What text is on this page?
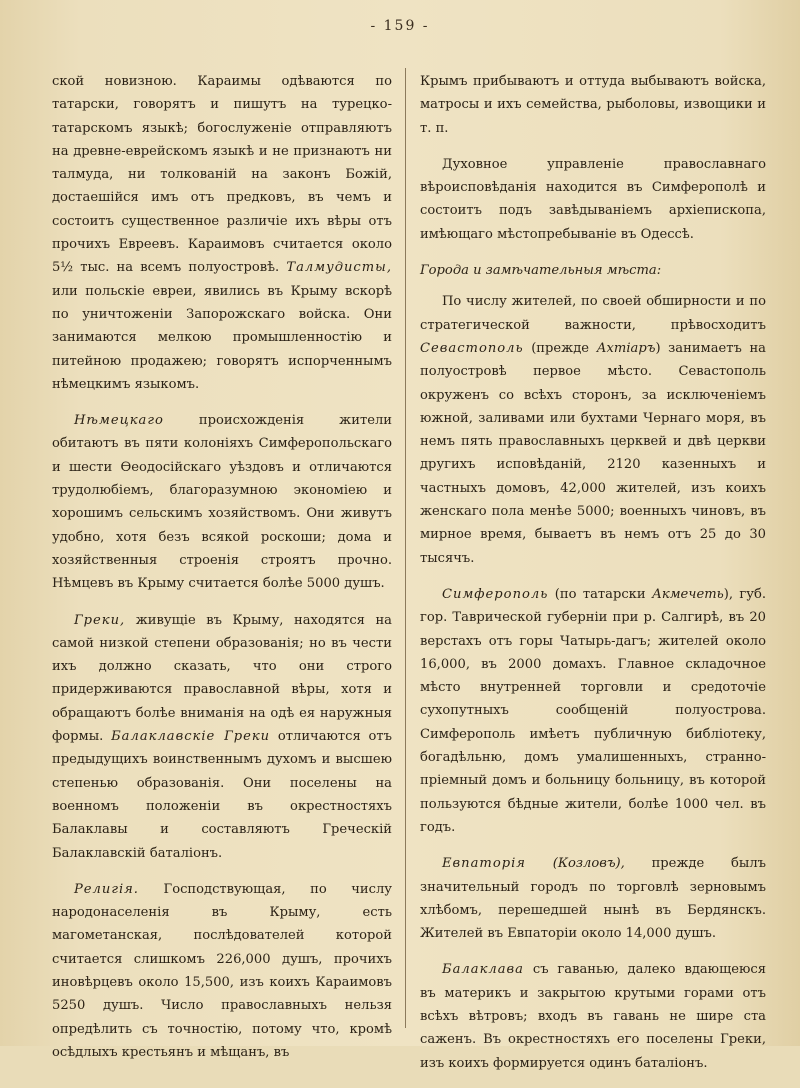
- 159 -

ской новизною. Караимы одѣваются по татарски, говорятъ и пишутъ на турецко-татарскомъ языкѣ; богослуженіе отправляютъ на древне-еврейскомъ языкѣ и не признаютъ ни талмуда, ни толкованій на законъ Божій, достаешійся имъ отъ предковъ, въ чемъ и состоитъ существенное различіе ихъ вѣры отъ прочихъ Евреевъ. Караимовъ считается около 5½ тыс. на всемъ полуостровѣ. Талмудисты, или польскіе евреи, явились въ Крыму вскорѣ по уничтоженіи Запорожскаго войска. Они занимаются мелкою промышленностію и питейною продажею; говорятъ испорченнымъ нѣмецкимъ языкомъ.

Нѣмецкаго	происхожденія жители обитаютъ въ пяти колоніяхъ Симферопольскаго и шести Ѳеодосійскаго уѣздовъ и отличаются трудолюбіемъ, благоразумною экономіею и хорошимъ сельскимъ хозяйствомъ. Они живутъ удобно, хотя безъ всякой роскоши; дома и хозяйственныя строенія строятъ прочно. Нѣмцевъ въ Крыму считается болѣе 5000 душъ.

Греки, живущіе въ Крыму, находятся на самой низкой степени образованія; но въ чести ихъ должно сказать, что они строго придерживаются православной вѣры, хотя и обращаютъ болѣе вниманія на одѣ ея наружныя формы. Балаклавскіе Греки отличаются отъ предыдущихъ воинственнымъ духомъ и высшею степенью образованія. Они поселены на военномъ положеніи въ окрестностяхъ Балаклавы и составляютъ Греческій Балаклавскій баталіонъ.

Религія. Господствующая, по числу народонаселенія въ Крыму, есть магометанская, послѣдователей которой считается слишкомъ 226,000 душъ, прочихъ иновѣрцевъ около 15,500, изъ коихъ Караимовъ 5250 душъ. Число православныхъ нельзя опредѣлить съ точностію, потому что, кромѣ осѣдлыхъ крестьянъ и мѣщанъ, въ

Крымъ прибываютъ и оттуда выбываютъ войска, матросы и ихъ семейства, рыболовы, извощики и т. п.

Духовное управленіе православнаго вѣроисповѣданія находится въ Симферополѣ и состоитъ подъ завѣдываніемъ архіепископа, имѣющаго мѣстопребываніе въ Одессѣ.

Города и замѣчательныя мѣста:

По числу жителей, по своей обширности и по стратегической важности, прѣвосходитъ Севастополь (прежде Ахтіаръ) занимаетъ на полуостровѣ первое мѣсто. Севастополь окруженъ со всѣхъ сторонъ, за исключеніемъ южной, заливами или бухтами Чернаго моря, въ немъ пять православныхъ церквей и двѣ церкви другихъ исповѣданій, 2120 казенныхъ и частныхъ домовъ, 42,000 жителей, изъ коихъ женскаго пола менѣе 5000; военныхъ чиновъ, въ мирное время, бываетъ въ немъ отъ 25 до 30 тысячъ.

Симферополь (по татарски Акмечеть), губ. гор. Таврической губерніи при р. Салгирѣ, въ 20 верстахъ отъ горы Чатырь-дагъ; жителей около 16,000, въ 2000 домахъ. Главное складочное мѣсто внутренней торговли и средоточіе сухопутныхъ сообщеній полуострова. Симферополь имѣетъ публичную библіотеку, богадѣльню, домъ умалишенныхъ, странно-пріемный домъ и больницу больницу, въ которой пользуются бѣдные жители, болѣе 1000 чел. въ годъ.

Евпаторія (Козловъ), прежде былъ значительный городъ по торговлѣ зерновымъ хлѣбомъ, перешедшей нынѣ въ Бердянскъ. Жителей въ Евпаторіи около 14,000 душъ.

Балаклава съ гаванью, далеко вдающеюся въ материкъ и закрытою крутыми горами отъ всѣхъ вѣтровъ; входъ въ гавань не шире ста саженъ. Въ окрестностяхъ его поселены Греки, изъ коихъ формируется одинъ баталіонъ.
